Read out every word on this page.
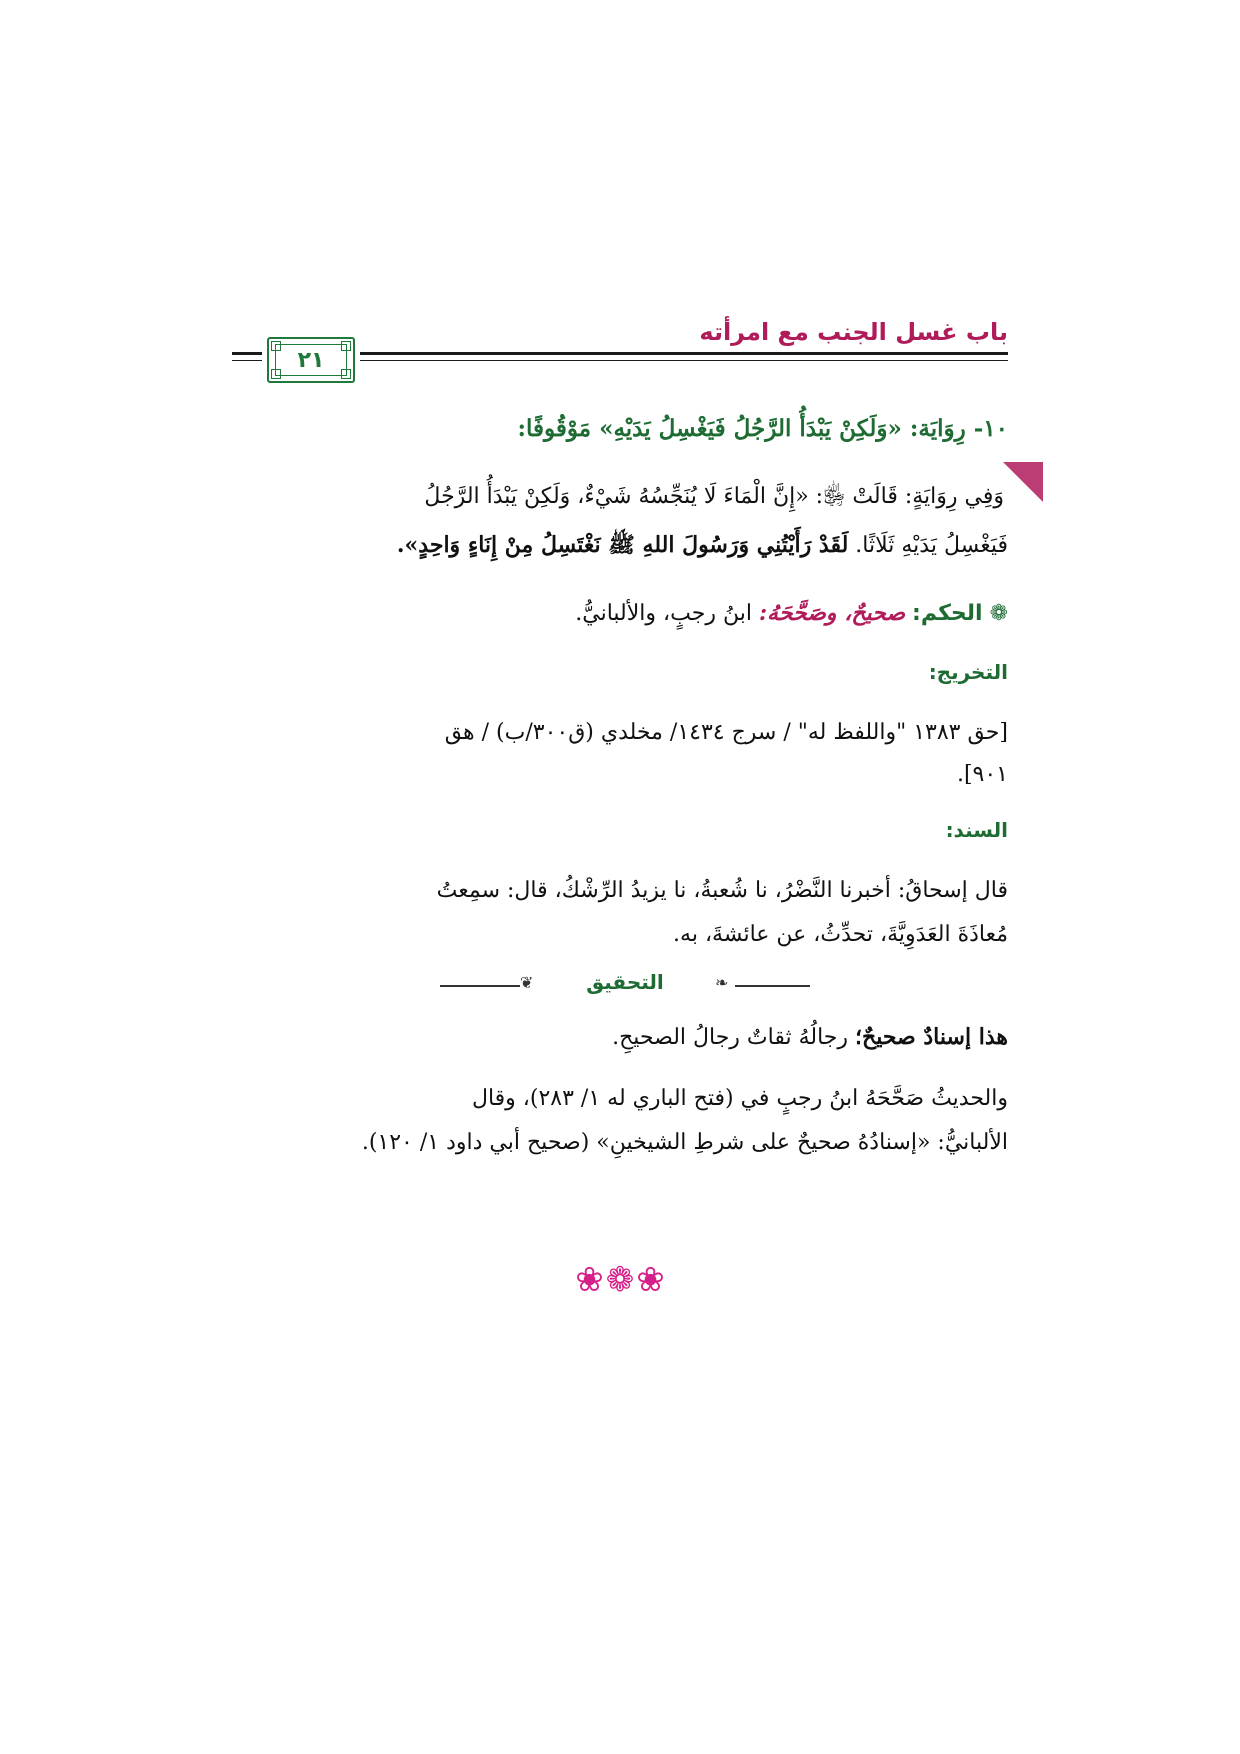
باب غسل الجنب مع امرأته
٢١
١٠- رِوَايَة: «وَلَكِنْ يَبْدَأُ الرَّجُلُ فَيَغْسِلُ يَدَيْهِ» مَوْقُوفًا:
وَفِي رِوَايَةٍ: قَالَتْ ﵂: «إِنَّ الْمَاءَ لَا يُنَجِّسُهُ شَيْءٌ، وَلَكِنْ يَبْدَأُ الرَّجُلُ
فَيَغْسِلُ يَدَيْهِ ثَلَاثًا. لَقَدْ رَأَيْتُنِي وَرَسُولَ اللهِ ﷺ نَغْتَسِلُ مِنْ إِنَاءٍ وَاحِدٍ».
❁ الحكم: صحيحٌ، وصَحَّحَهُ: ابنُ رجبٍ، والألبانيُّ.
التخريج:
[حق ١٣٨٣ "واللفظ له" / سرج ١٤٣٤/ مخلدي (ق٣٠٠/ب) / هق
٩٠١].
السند:
قال إسحاقُ: أخبرنا النَّضْرُ، نا شُعبةُ، نا يزيدُ الرِّشْكُ، قال: سمِعتُ
مُعاذَةَ العَدَوِيَّةَ، تحدِّثُ، عن عائشةَ، به.
❦	التحقيق	❧
هذا إسنادٌ صحيحٌ؛ رجالُهُ ثقاتٌ رجالُ الصحيحِ.
والحديثُ صَحَّحَهُ ابنُ رجبٍ في (فتح الباري له ١/ ٢٨٣)، وقال
الألبانيُّ: «إسنادُهُ صحيحٌ على شرطِ الشيخينِ» (صحيح أبي داود ١/ ١٢٠).
❀❁❀
